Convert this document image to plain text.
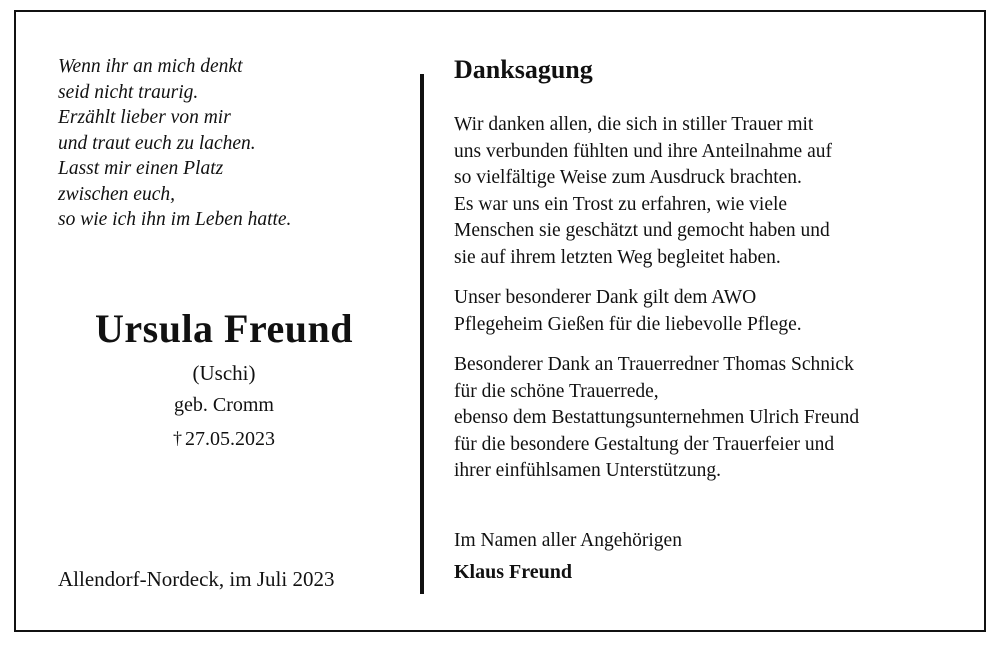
Wenn ihr an mich denkt
seid nicht traurig.
Erzählt lieber von mir
und traut euch zu lachen.
Lasst mir einen Platz
zwischen euch,
so wie ich ihn im Leben hatte.
Ursula Freund
(Uschi)
geb. Cromm
† 27.05.2023
Allendorf-Nordeck, im Juli 2023
Danksagung
Wir danken allen, die sich in stiller Trauer mit
uns verbunden fühlten und ihre Anteilnahme auf
so vielfältige Weise zum Ausdruck brachten.
Es war uns ein Trost zu erfahren, wie viele
Menschen sie geschätzt und gemocht haben und
sie auf ihrem letzten Weg begleitet haben.
Unser besonderer Dank gilt dem AWO
Pflegeheim Gießen für die liebevolle Pflege.
Besonderer Dank an Trauerredner Thomas Schnick
für die schöne Trauerrede,
ebenso dem Bestattungsunternehmen Ulrich Freund
für die besondere Gestaltung der Trauerfeier und
ihrer einfühlsamen Unterstützung.
Im Namen aller Angehörigen
Klaus Freund
